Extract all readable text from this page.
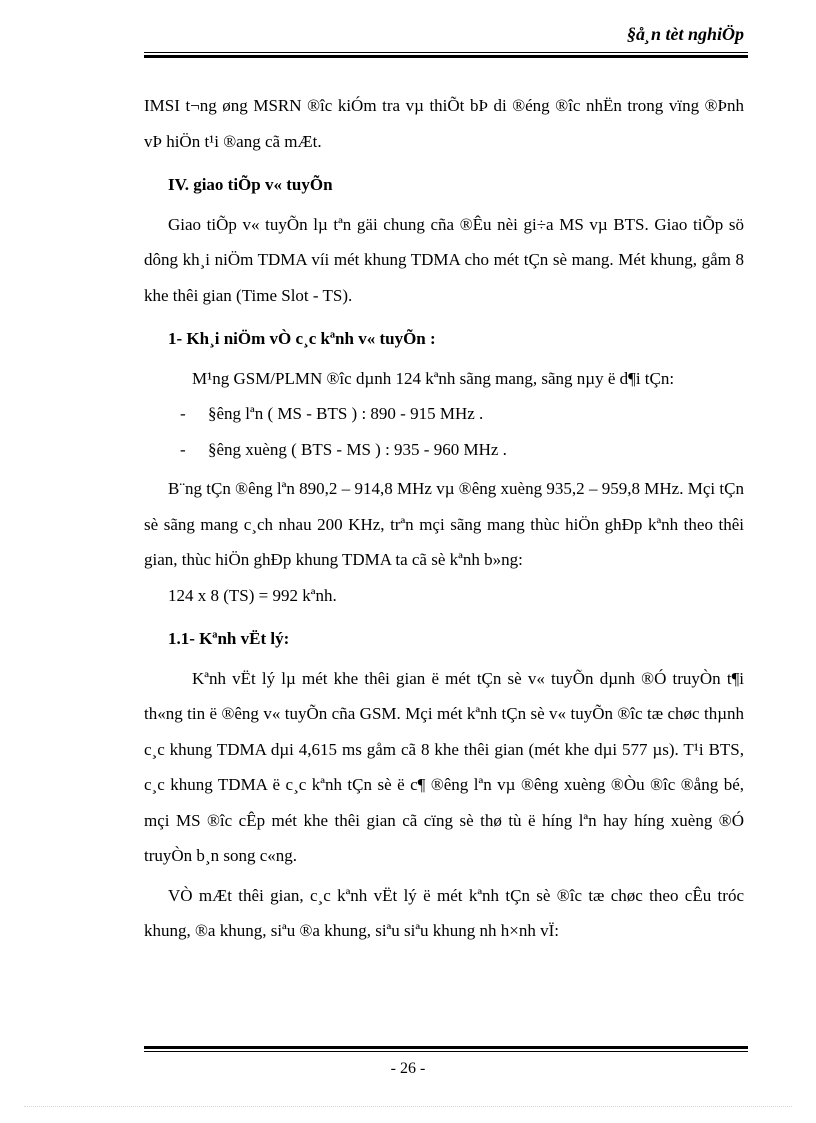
§å¸n tèt nghiÖp

IMSI t¬ng øng MSRN ®îc kiÓm tra vµ thiÕt bÞ di ®éng ®îc nhËn trong vïng ®Þnh vÞ hiÖn t¹i ®ang cã mÆt.

IV. giao tiÕp v« tuyÕn

Giao tiÕp v« tuyÕn lµ tªn gäi chung cña ®Êu nèi gi÷a MS vµ BTS. Giao tiÕp sö dông kh¸i niÖm TDMA víi mét khung TDMA cho mét tÇn sè mang. Mét khung, gåm 8 khe thêi gian (Time Slot - TS).

1- Kh¸i niÖm vÒ c¸c kªnh v« tuyÕn :

M¹ng GSM/PLMN ®îc dµnh 124 kªnh sãng mang, sãng nµy ë d¶i tÇn:

- §êng lªn ( MS - BTS ) : 890 - 915 MHz .

- §êng xuèng ( BTS - MS ) : 935 - 960 MHz .

B¨ng tÇn ®êng lªn 890,2 – 914,8 MHz vµ ®êng xuèng 935,2 – 959,8 MHz. Mçi tÇn sè sãng mang c¸ch nhau 200 KHz, trªn mçi sãng mang thùc hiÖn ghÐp kªnh theo thêi gian, thùc hiÖn ghÐp khung TDMA ta cã sè kªnh b»ng:
124 x 8 (TS) = 992 kªnh.

1.1- Kªnh vËt lý:

Kªnh vËt lý lµ mét khe thêi gian ë mét tÇn sè v« tuyÕn dµnh ®Ó truyÒn t¶i th«ng tin ë ®êng v« tuyÕn cña GSM. Mçi mét kªnh tÇn sè v« tuyÕn ®îc tæ chøc thµnh c¸c khung TDMA dµi 4,615 ms gåm cã 8 khe thêi gian (mét khe dµi 577 µs). T¹i BTS, c¸c khung TDMA ë c¸c kªnh tÇn sè ë c¶ ®êng lªn vµ ®êng xuèng ®Òu ®îc ®ång bé, mçi MS ®îc cÊp mét khe thêi gian cã cïng sè thø tù ë híng lªn hay híng xuèng ®Ó truyÒn b¸n song c«ng.

VÒ mÆt thêi gian, c¸c kªnh vËt lý ë mét kªnh tÇn sè ®îc tæ chøc theo cÊu tróc khung, ®a khung, siªu ®a khung, siªu siªu khung nh h×nh vÏ:

- 26 -
